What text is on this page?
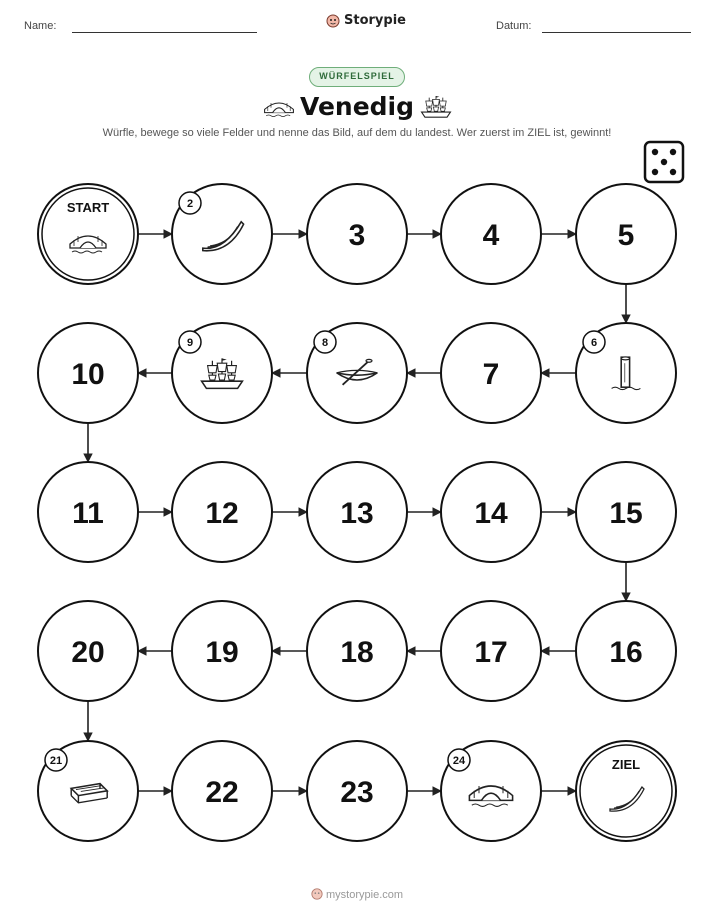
Name:	Storypie	Datum:
WÜRFELSPIEL
Venedig
Würfle, bewege so viele Felder und nenne das Bild, auf dem du landest. Wer zuerst im ZIEL ist, gewinnt!
START	2
3	4	5
6
7
8
9
10
11	12	13	14	15
16
17
18
19
20
21
22	23
24	ZIEL
mystorypie.com
